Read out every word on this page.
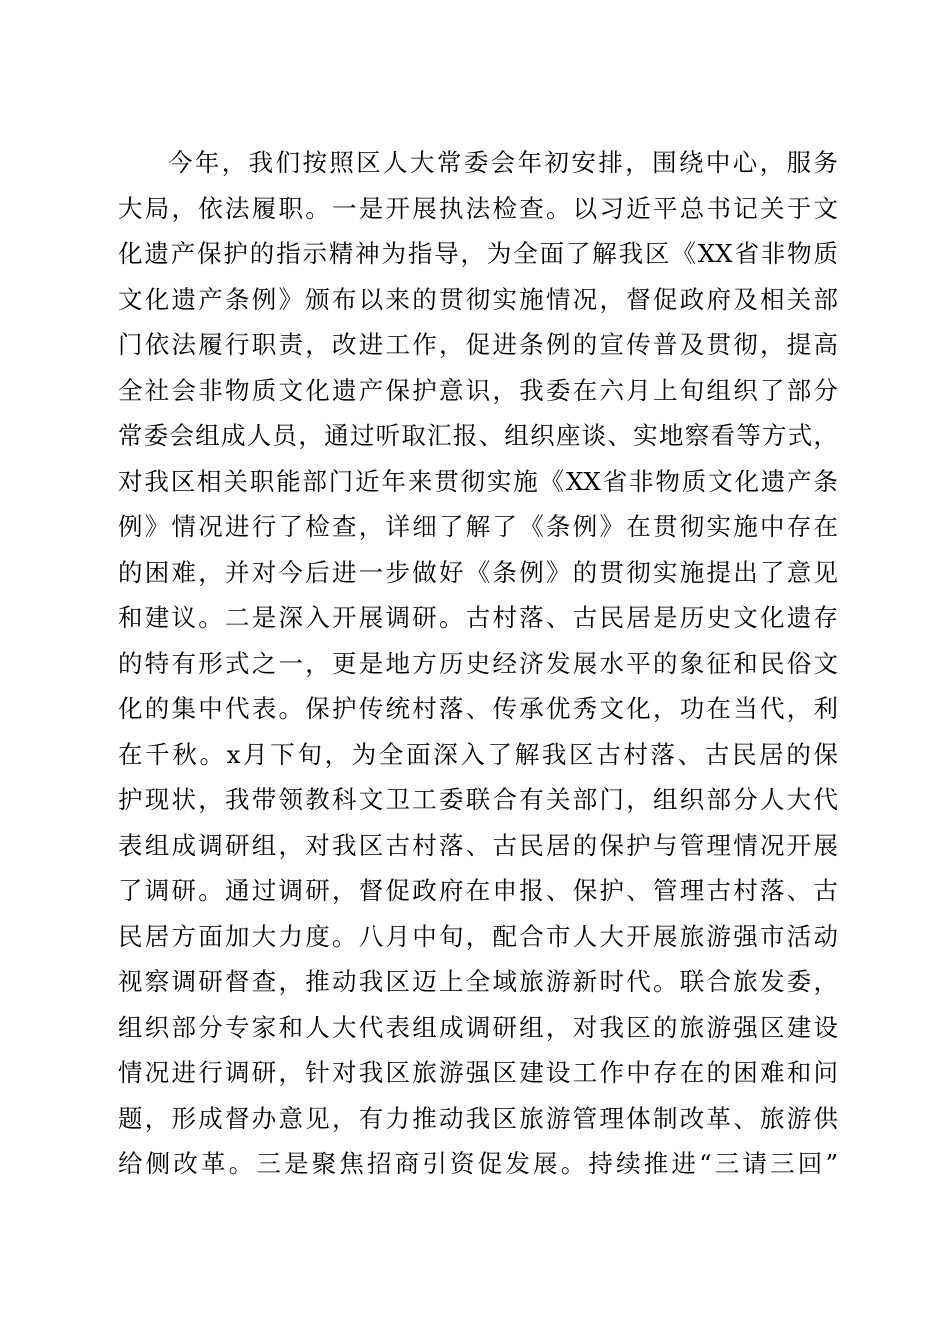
今年，我们按照区人大常委会年初安排，围绕中心，服务
大局，依法履职。一是开展执法检查。以习近平总书记关于文
化遗产保护的指示精神为指导，为全面了解我区《XX省非物质
文化遗产条例》颁布以来的贯彻实施情况，督促政府及相关部
门依法履行职责，改进工作，促进条例的宣传普及贯彻，提高
全社会非物质文化遗产保护意识，我委在六月上旬组织了部分
常委会组成人员，通过听取汇报、组织座谈、实地察看等方式，
对我区相关职能部门近年来贯彻实施《XX省非物质文化遗产条
例》情况进行了检查，详细了解了《条例》在贯彻实施中存在
的困难，并对今后进一步做好《条例》的贯彻实施提出了意见
和建议。二是深入开展调研。古村落、古民居是历史文化遗存
的特有形式之一，更是地方历史经济发展水平的象征和民俗文
化的集中代表。保护传统村落、传承优秀文化，功在当代，利
在千秋。x月下旬，为全面深入了解我区古村落、古民居的保
护现状，我带领教科文卫工委联合有关部门，组织部分人大代
表组成调研组，对我区古村落、古民居的保护与管理情况开展
了调研。通过调研，督促政府在申报、保护、管理古村落、古
民居方面加大力度。八月中旬，配合市人大开展旅游强市活动
视察调研督查，推动我区迈上全域旅游新时代。联合旅发委，
组织部分专家和人大代表组成调研组，对我区的旅游强区建设
情况进行调研，针对我区旅游强区建设工作中存在的困难和问
题，形成督办意见，有力推动我区旅游管理体制改革、旅游供
给侧改革。三是聚焦招商引资促发展。持续推进“三请三回”
